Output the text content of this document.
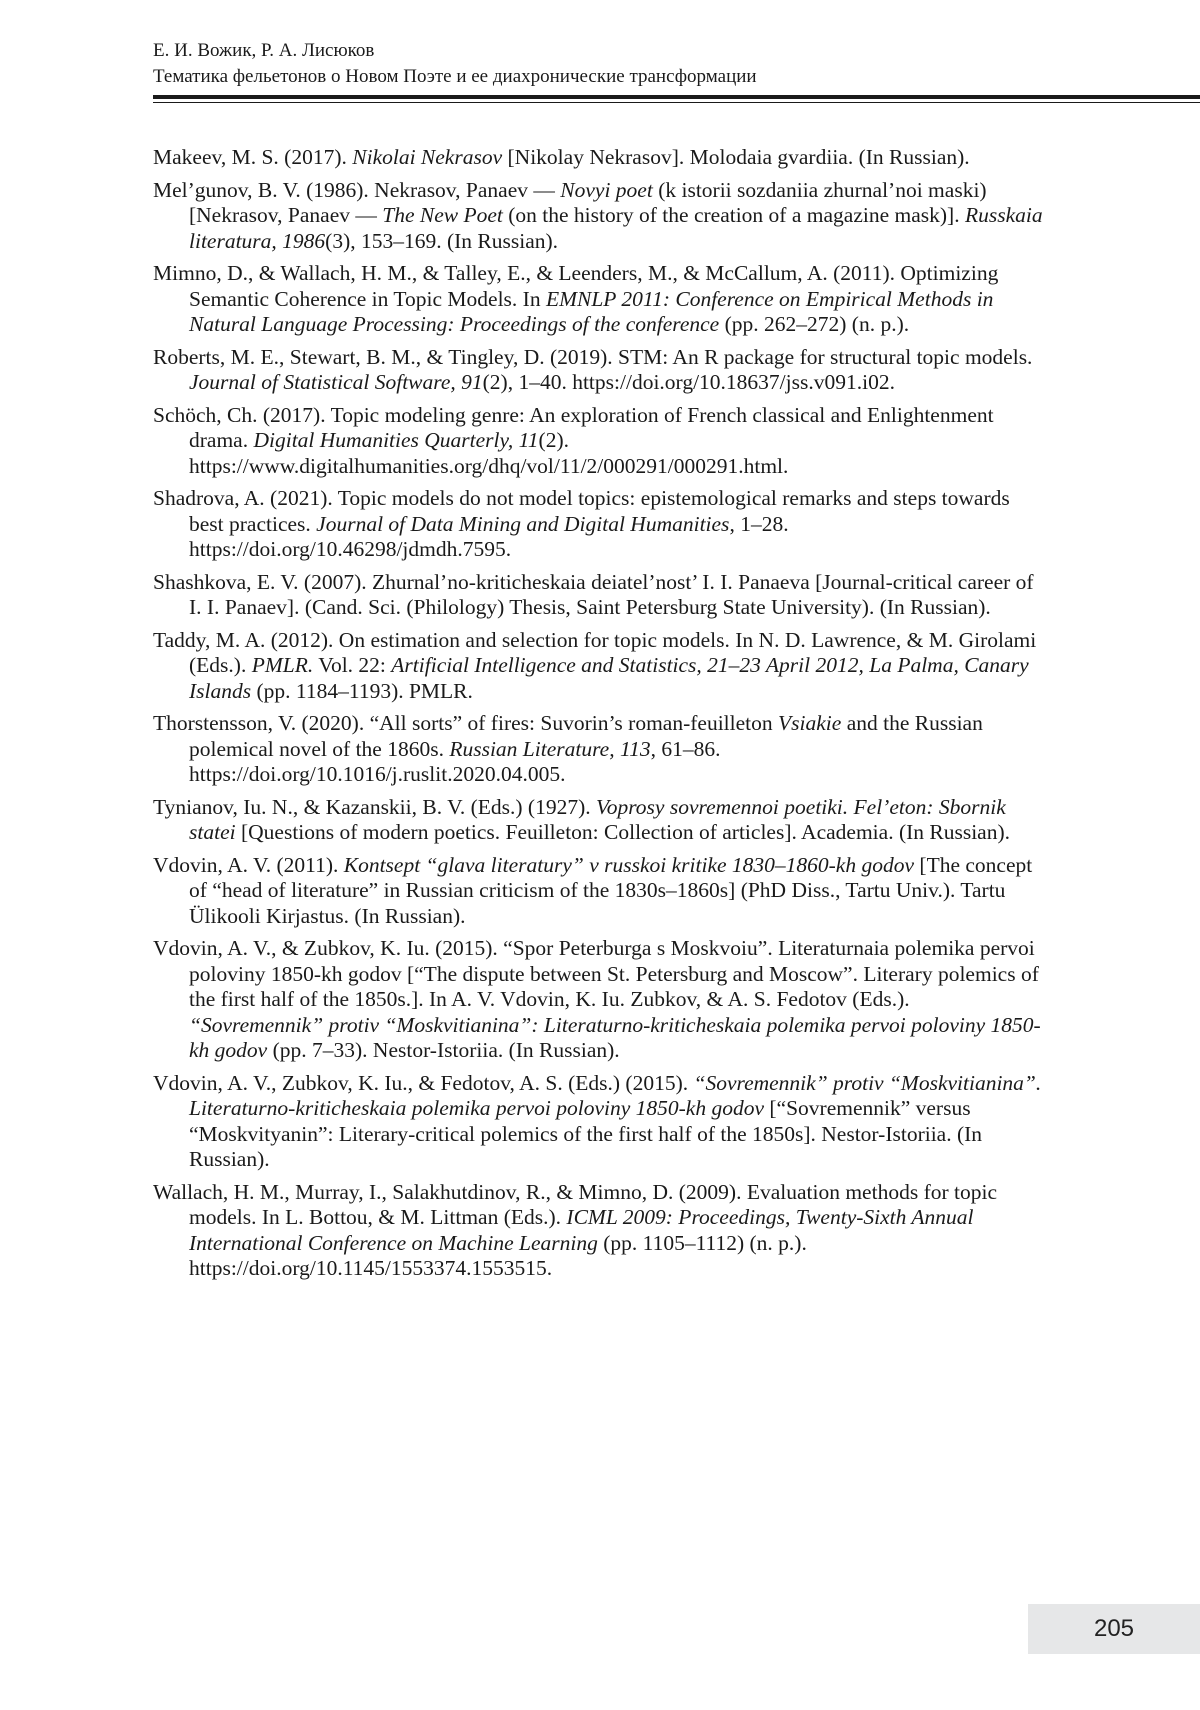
Е. И. Вожик, Р. А. Лисюков
Тематика фельетонов о Новом Поэте и ее диахронические трансформации
Makeev, M. S. (2017). Nikolai Nekrasov [Nikolay Nekrasov]. Molodaia gvardiia. (In Russian).
Mel’gunov, B. V. (1986). Nekrasov, Panaev — Novyi poet (k istorii sozdaniia zhurnal’noi maski) [Nekrasov, Panaev — The New Poet (on the history of the creation of a magazine mask)]. Russkaia literatura, 1986(3), 153–169. (In Russian).
Mimno, D., & Wallach, H. M., & Talley, E., & Leenders, M., & McCallum, A. (2011). Optimizing Semantic Coherence in Topic Models. In EMNLP 2011: Conference on Empirical Methods in Natural Language Processing: Proceedings of the conference (pp. 262–272) (n. p.).
Roberts, M. E., Stewart, B. M., & Tingley, D. (2019). STM: An R package for structural topic models. Journal of Statistical Software, 91(2), 1–40. https://doi.org/10.18637/jss.v091.i02.
Schöch, Ch. (2017). Topic modeling genre: An exploration of French classical and Enlightenment drama. Digital Humanities Quarterly, 11(2). https://www.digitalhumanities.org/dhq/vol/11/2/000291/000291.html.
Shadrova, A. (2021). Topic models do not model topics: epistemological remarks and steps towards best practices. Journal of Data Mining and Digital Humanities, 1–28. https://doi.org/10.46298/jdmdh.7595.
Shashkova, E. V. (2007). Zhurnal’no-kriticheskaia deiatel’nost’ I. I. Panaeva [Journal-critical career of I. I. Panaev]. (Cand. Sci. (Philology) Thesis, Saint Petersburg State University). (In Russian).
Taddy, M. A. (2012). On estimation and selection for topic models. In N. D. Lawrence, & M. Girolami (Eds.). PMLR. Vol. 22: Artificial Intelligence and Statistics, 21–23 April 2012, La Palma, Canary Islands (pp. 1184–1193). PMLR.
Thorstensson, V. (2020). “All sorts” of fires: Suvorin’s roman-feuilleton Vsiakie and the Russian polemical novel of the 1860s. Russian Literature, 113, 61–86. https://doi.org/10.1016/j.ruslit.2020.04.005.
Tynianov, Iu. N., & Kazanskii, B. V. (Eds.) (1927). Voprosy sovremennoi poetiki. Fel’eton: Sbornik statei [Questions of modern poetics. Feuilleton: Collection of articles]. Academia. (In Russian).
Vdovin, A. V. (2011). Kontsept “glava literatury” v russkoi kritike 1830–1860-kh godov [The concept of “head of literature” in Russian criticism of the 1830s–1860s] (PhD Diss., Tartu Univ.). Tartu Ülikooli Kirjastus. (In Russian).
Vdovin, A. V., & Zubkov, K. Iu. (2015). “Spor Peterburga s Moskvoiu”. Literaturnaia polemika pervoi poloviny 1850-kh godov [“The dispute between St. Petersburg and Moscow”. Literary polemics of the first half of the 1850s.]. In A. V. Vdovin, K. Iu. Zubkov, & A. S. Fedotov (Eds.). “Sovremennik” protiv “Moskvitianina”: Literaturno-kriticheskaia polemika pervoi poloviny 1850-kh godov (pp. 7–33). Nestor-Istoriia. (In Russian).
Vdovin, A. V., Zubkov, K. Iu., & Fedotov, A. S. (Eds.) (2015). “Sovremennik” protiv “Moskvitianina”. Literaturno-kriticheskaia polemika pervoi poloviny 1850-kh godov [“Sovremennik” versus “Moskvityanin”: Literary-critical polemics of the first half of the 1850s]. Nestor-Istoriia. (In Russian).
Wallach, H. M., Murray, I., Salakhutdinov, R., & Mimno, D. (2009). Evaluation methods for topic models. In L. Bottou, & M. Littman (Eds.). ICML 2009: Proceedings, Twenty-Sixth Annual International Conference on Machine Learning (pp. 1105–1112) (n. p.). https://doi.org/10.1145/1553374.1553515.
205
